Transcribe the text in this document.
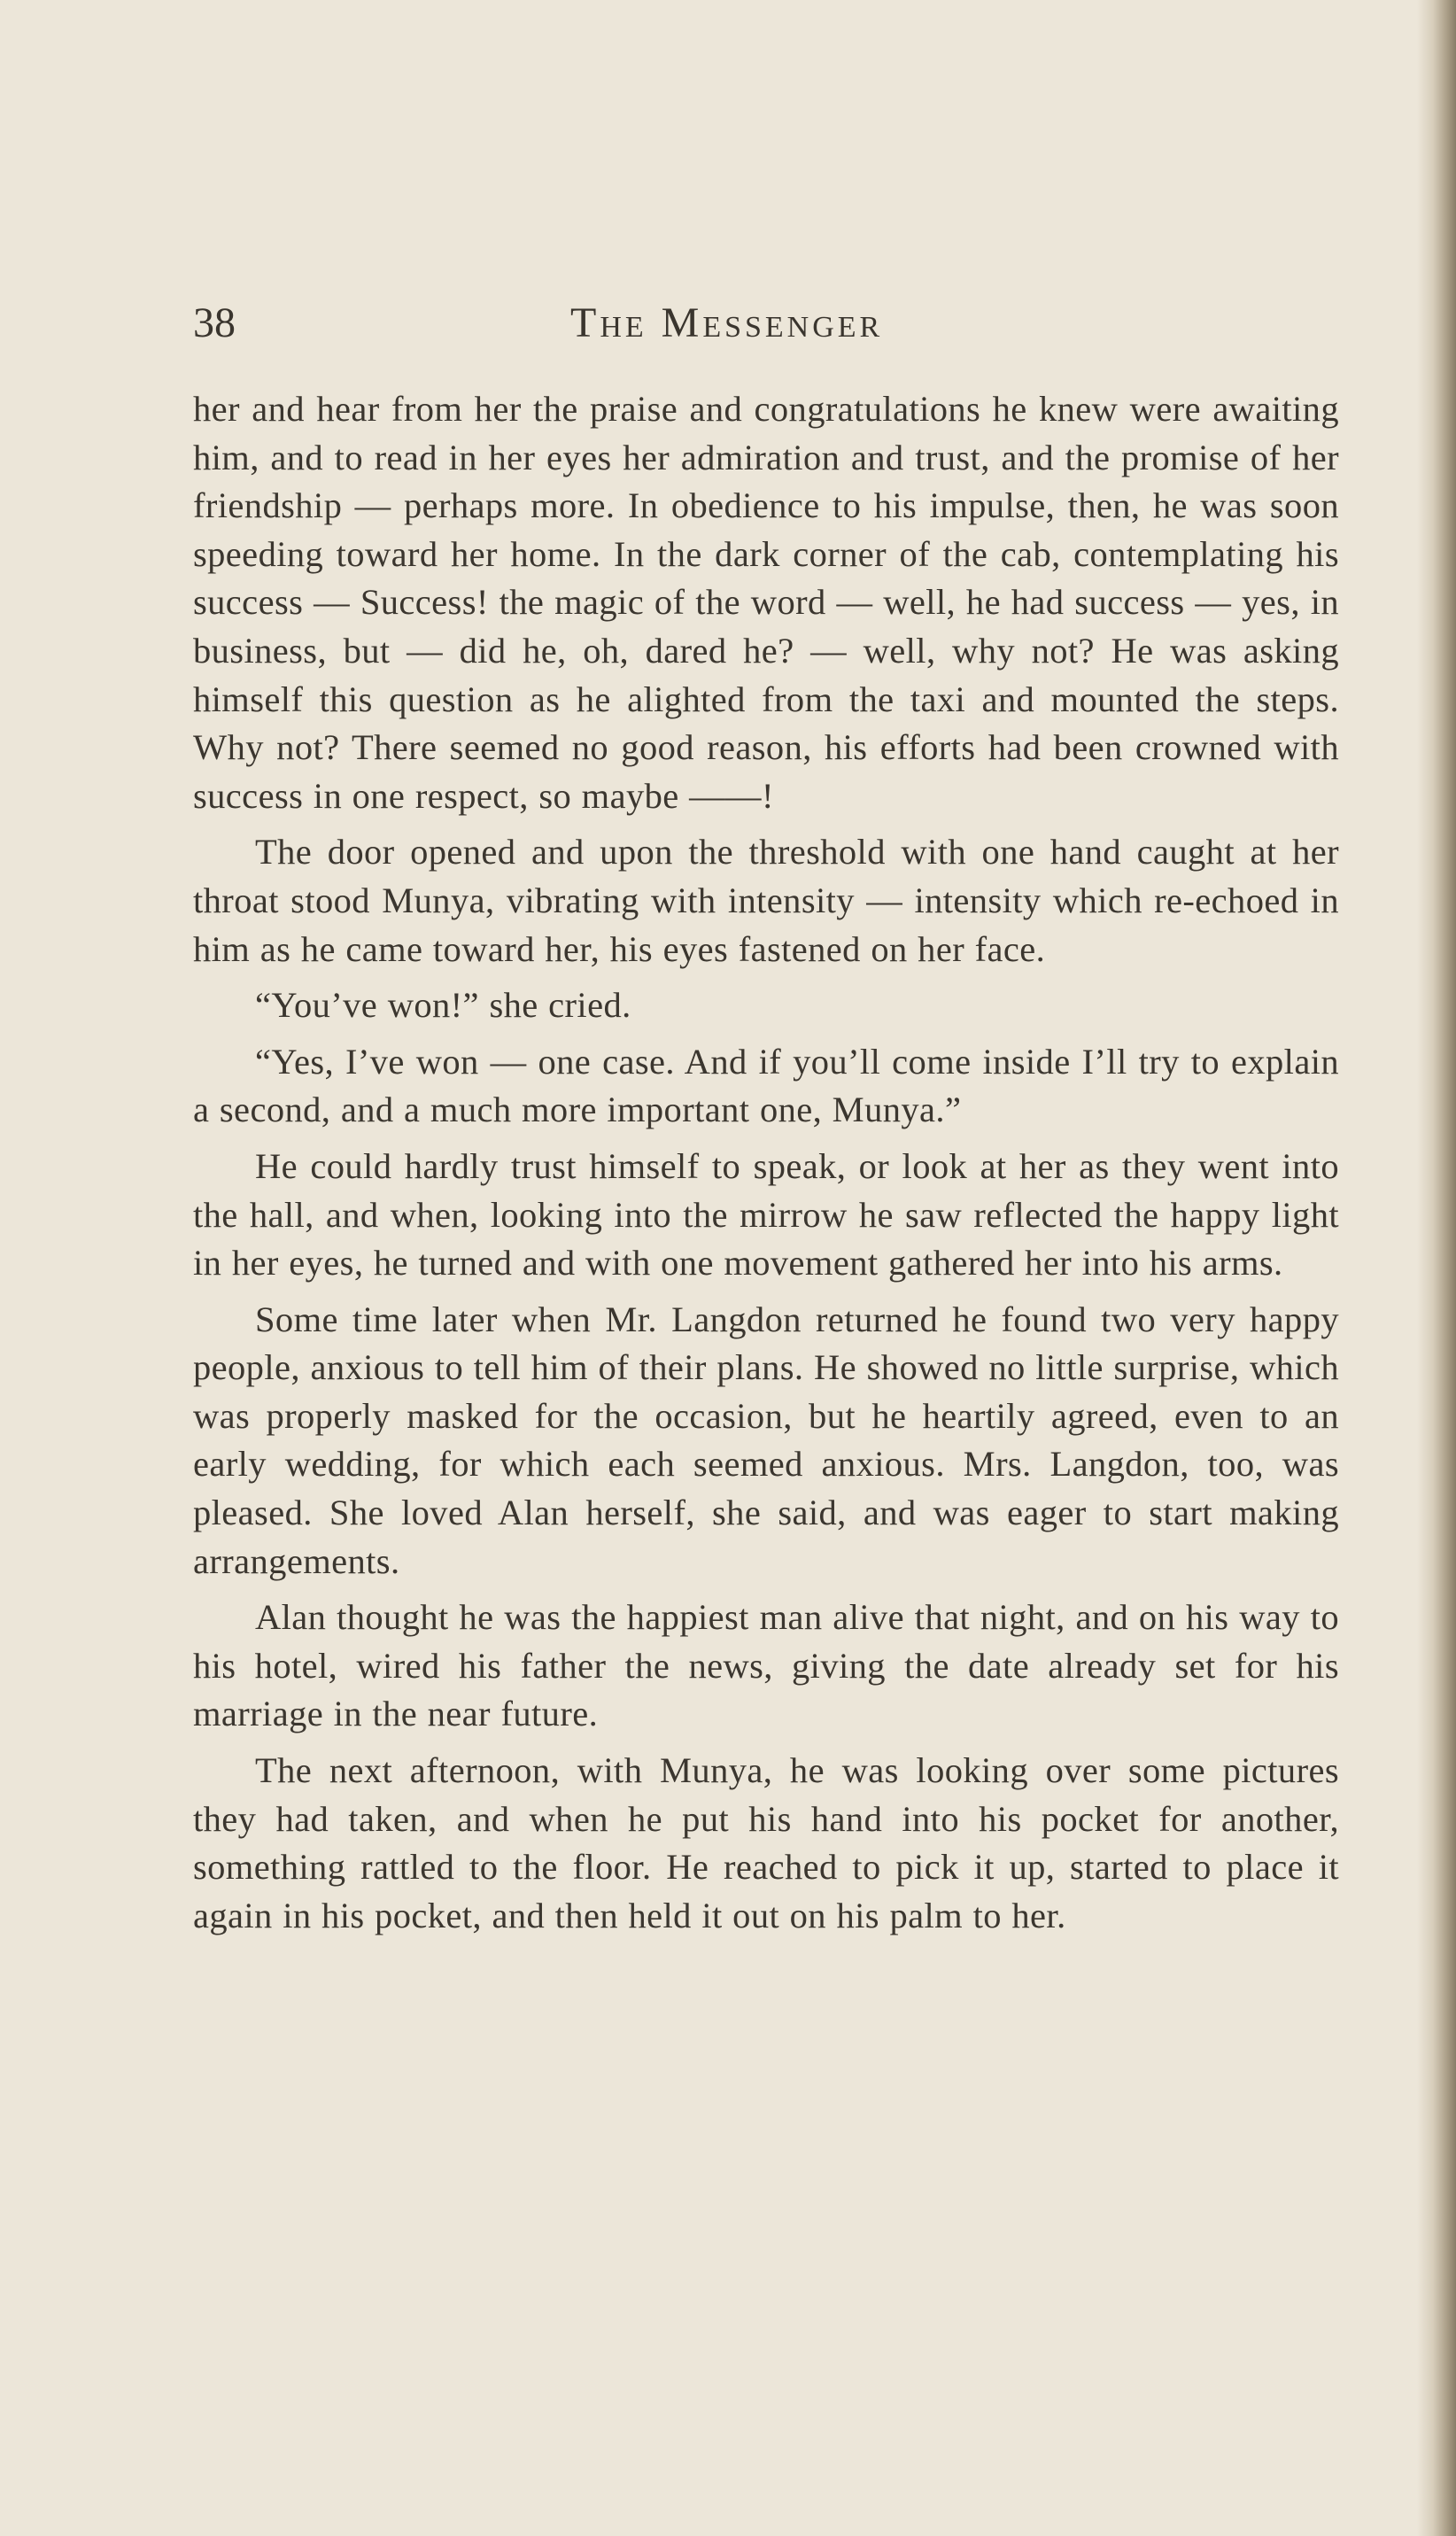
38	The Messenger

her and hear from her the praise and congratulations he knew were awaiting him, and to read in her eyes her admiration and trust, and the promise of her friendship — perhaps more. In obedience to his impulse, then, he was soon speeding toward her home. In the dark corner of the cab, contemplating his success — Success! the magic of the word — well, he had success — yes, in business, but — did he, oh, dared he? — well, why not? He was asking himself this question as he alighted from the taxi and mounted the steps. Why not? There seemed no good reason, his efforts had been crowned with success in one respect, so maybe ——!

The door opened and upon the threshold with one hand caught at her throat stood Munya, vibrating with intensity — intensity which re-echoed in him as he came toward her, his eyes fastened on her face.

“You’ve won!” she cried.

“Yes, I’ve won — one case. And if you’ll come inside I’ll try to explain a second, and a much more important one, Munya.”

He could hardly trust himself to speak, or look at her as they went into the hall, and when, looking into the mirrow he saw reflected the happy light in her eyes, he turned and with one movement gathered her into his arms.

Some time later when Mr. Langdon returned he found two very happy people, anxious to tell him of their plans. He showed no little surprise, which was properly masked for the occasion, but he heartily agreed, even to an early wedding, for which each seemed anxious. Mrs. Langdon, too, was pleased. She loved Alan herself, she said, and was eager to start making arrangements.

Alan thought he was the happiest man alive that night, and on his way to his hotel, wired his father the news, giving the date already set for his marriage in the near future.

The next afternoon, with Munya, he was looking over some pictures they had taken, and when he put his hand into his pocket for another, something rattled to the floor. He reached to pick it up, started to place it again in his pocket, and then held it out on his palm to her.
